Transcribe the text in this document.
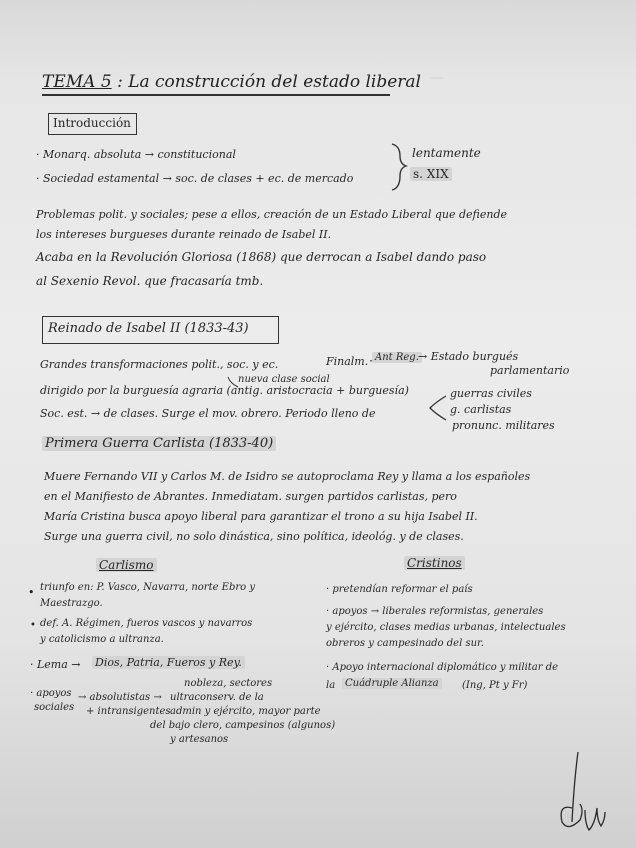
—
TEMA 5 : La construcción del estado liberal
Introducción
· Monarq. absoluta → constitucional
· Sociedad estamental → soc. de clases + ec. de mercado
lentamente
s. XIX
Problemas polit. y sociales; pese a ellos, creación de un Estado Liberal que defiende
los intereses burgueses durante reinado de Isabel II.
Acaba en la Revolución Gloriosa (1868) que derrocan a Isabel dando paso
al Sexenio Revol. que fracasaría tmb.
Reinado de Isabel II (1833-43)
Grandes transformaciones polit., soc. y ec.	Finalm. Ant Reg. → Estado burgués
parlamentario
nueva clase social
dirigido por la burguesía agraria (antig. aristocracia + burguesía)
Soc. est. → de clases. Surge el mov. obrero. Periodo lleno de
guerras civiles
g. carlistas
pronunc. militares
Primera Guerra Carlista (1833-40)
Muere Fernando VII y Carlos M. de Isidro se autoproclama Rey y llama a los españoles
en el Manifiesto de Abrantes. Inmediatam. surgen partidos carlistas, pero
María Cristina busca apoyo liberal para garantizar el trono a su hija Isabel II.
Surge una guerra civil, no solo dinástica, sino política, ideológ. y de clases.
Carlismo
• triunfo en: P. Vasco, Navarra, norte Ebro y
Maestrazgo.
• def. A. Régimen, fueros vascos y navarros
y catolicismo a ultranza.
· Lema → Dios, Patria, Fueros y Rey.
· apoyos
sociales
→ absolutistas →
+ intransigentes
nobleza, sectores
ultraconserv. de la
admin y ejército, mayor parte
del bajo clero, campesinos (algunos)
y artesanos
Cristinos
· pretendían reformar el país
· apoyos → liberales reformistas, generales
y ejército, clases medias urbanas, intelectuales
obreros y campesinado del sur.
· Apoyo internacional diplomático y militar de
la Cuádruple Alianza	(Ing, Pt y Fr)
